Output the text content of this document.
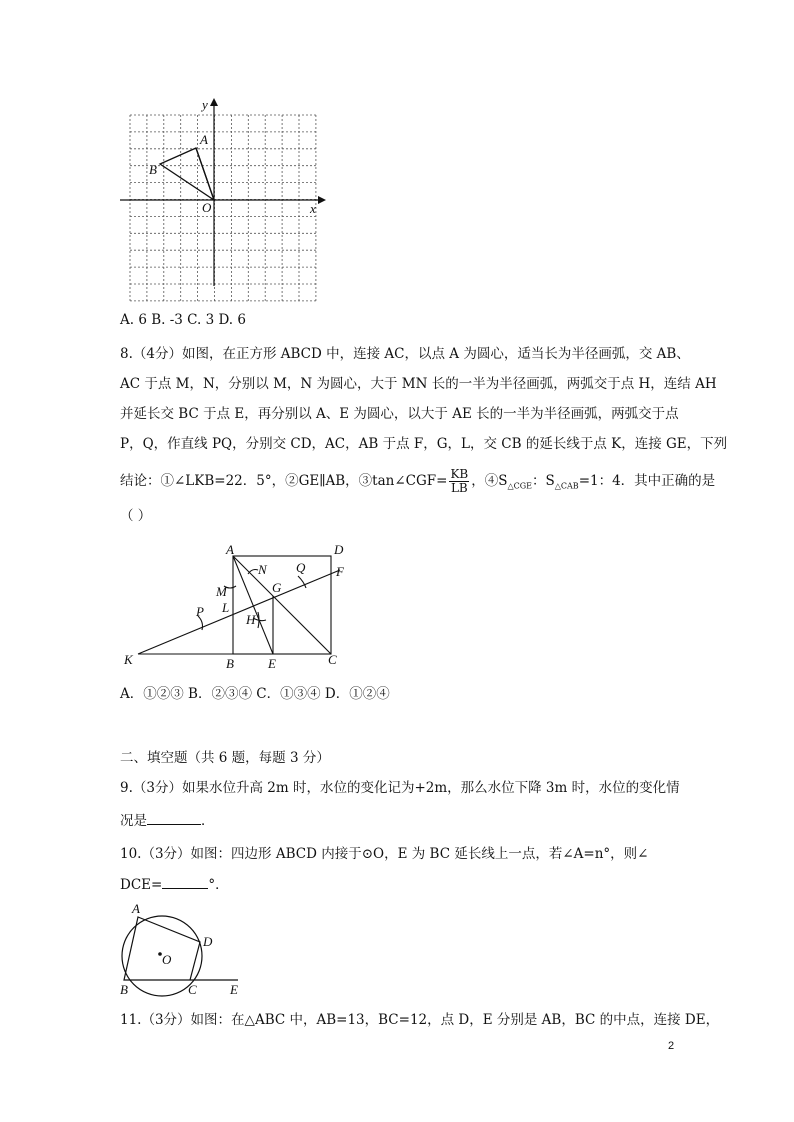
y
x
A
B
O
A. 6 B. ‐3 C. 3 D. 6
8.（4分）如图，在正方形 ABCD 中，连接 AC，以点 A 为圆心，适当长为半径画弧，交 AB、
AC 于点 M，N，分别以 M，N 为圆心，大于 MN 长的一半为半径画弧，两弧交于点 H，连结 AH
并延长交 BC 于点 E，再分别以 A、E 为圆心，以大于 AE 长的一半为半径画弧，两弧交于点
P，Q，作直线 PQ，分别交 CD，AC，AB 于点 F，G，L，交 CB 的延长线于点 K，连接 GE，下列
结论：①∠LKB=22．5°，②GE∥AB，③tan∠CGF= $\frac{KB}{LB}$ ，$④S_{\triangle CGE}$：$S_{\triangle CAB}=1$：4．其中正确的是
（ ）
A	D
F
N
G
Q
M
L
P
H
K	B	E	C
A．①②③ B．②③④ C．①③④ D．①②④
二、填空题（共 6 题，每题 3 分）
9.（3分）如果水位升高 2m 时，水位的变化记为+2m，那么水位下降 3m 时，水位的变化情
况是	．
10.（3分）如图：四边形 ABCD 内接于⊙O，E 为 BC 延长线上一点，若∠A=n°，则∠
DCE=	°．
A
D
O
B	C	E
11.（3分）如图：在△ABC 中，AB=13，BC=12，点 D，E 分别是 AB，BC 的中点，连接 DE，
2
